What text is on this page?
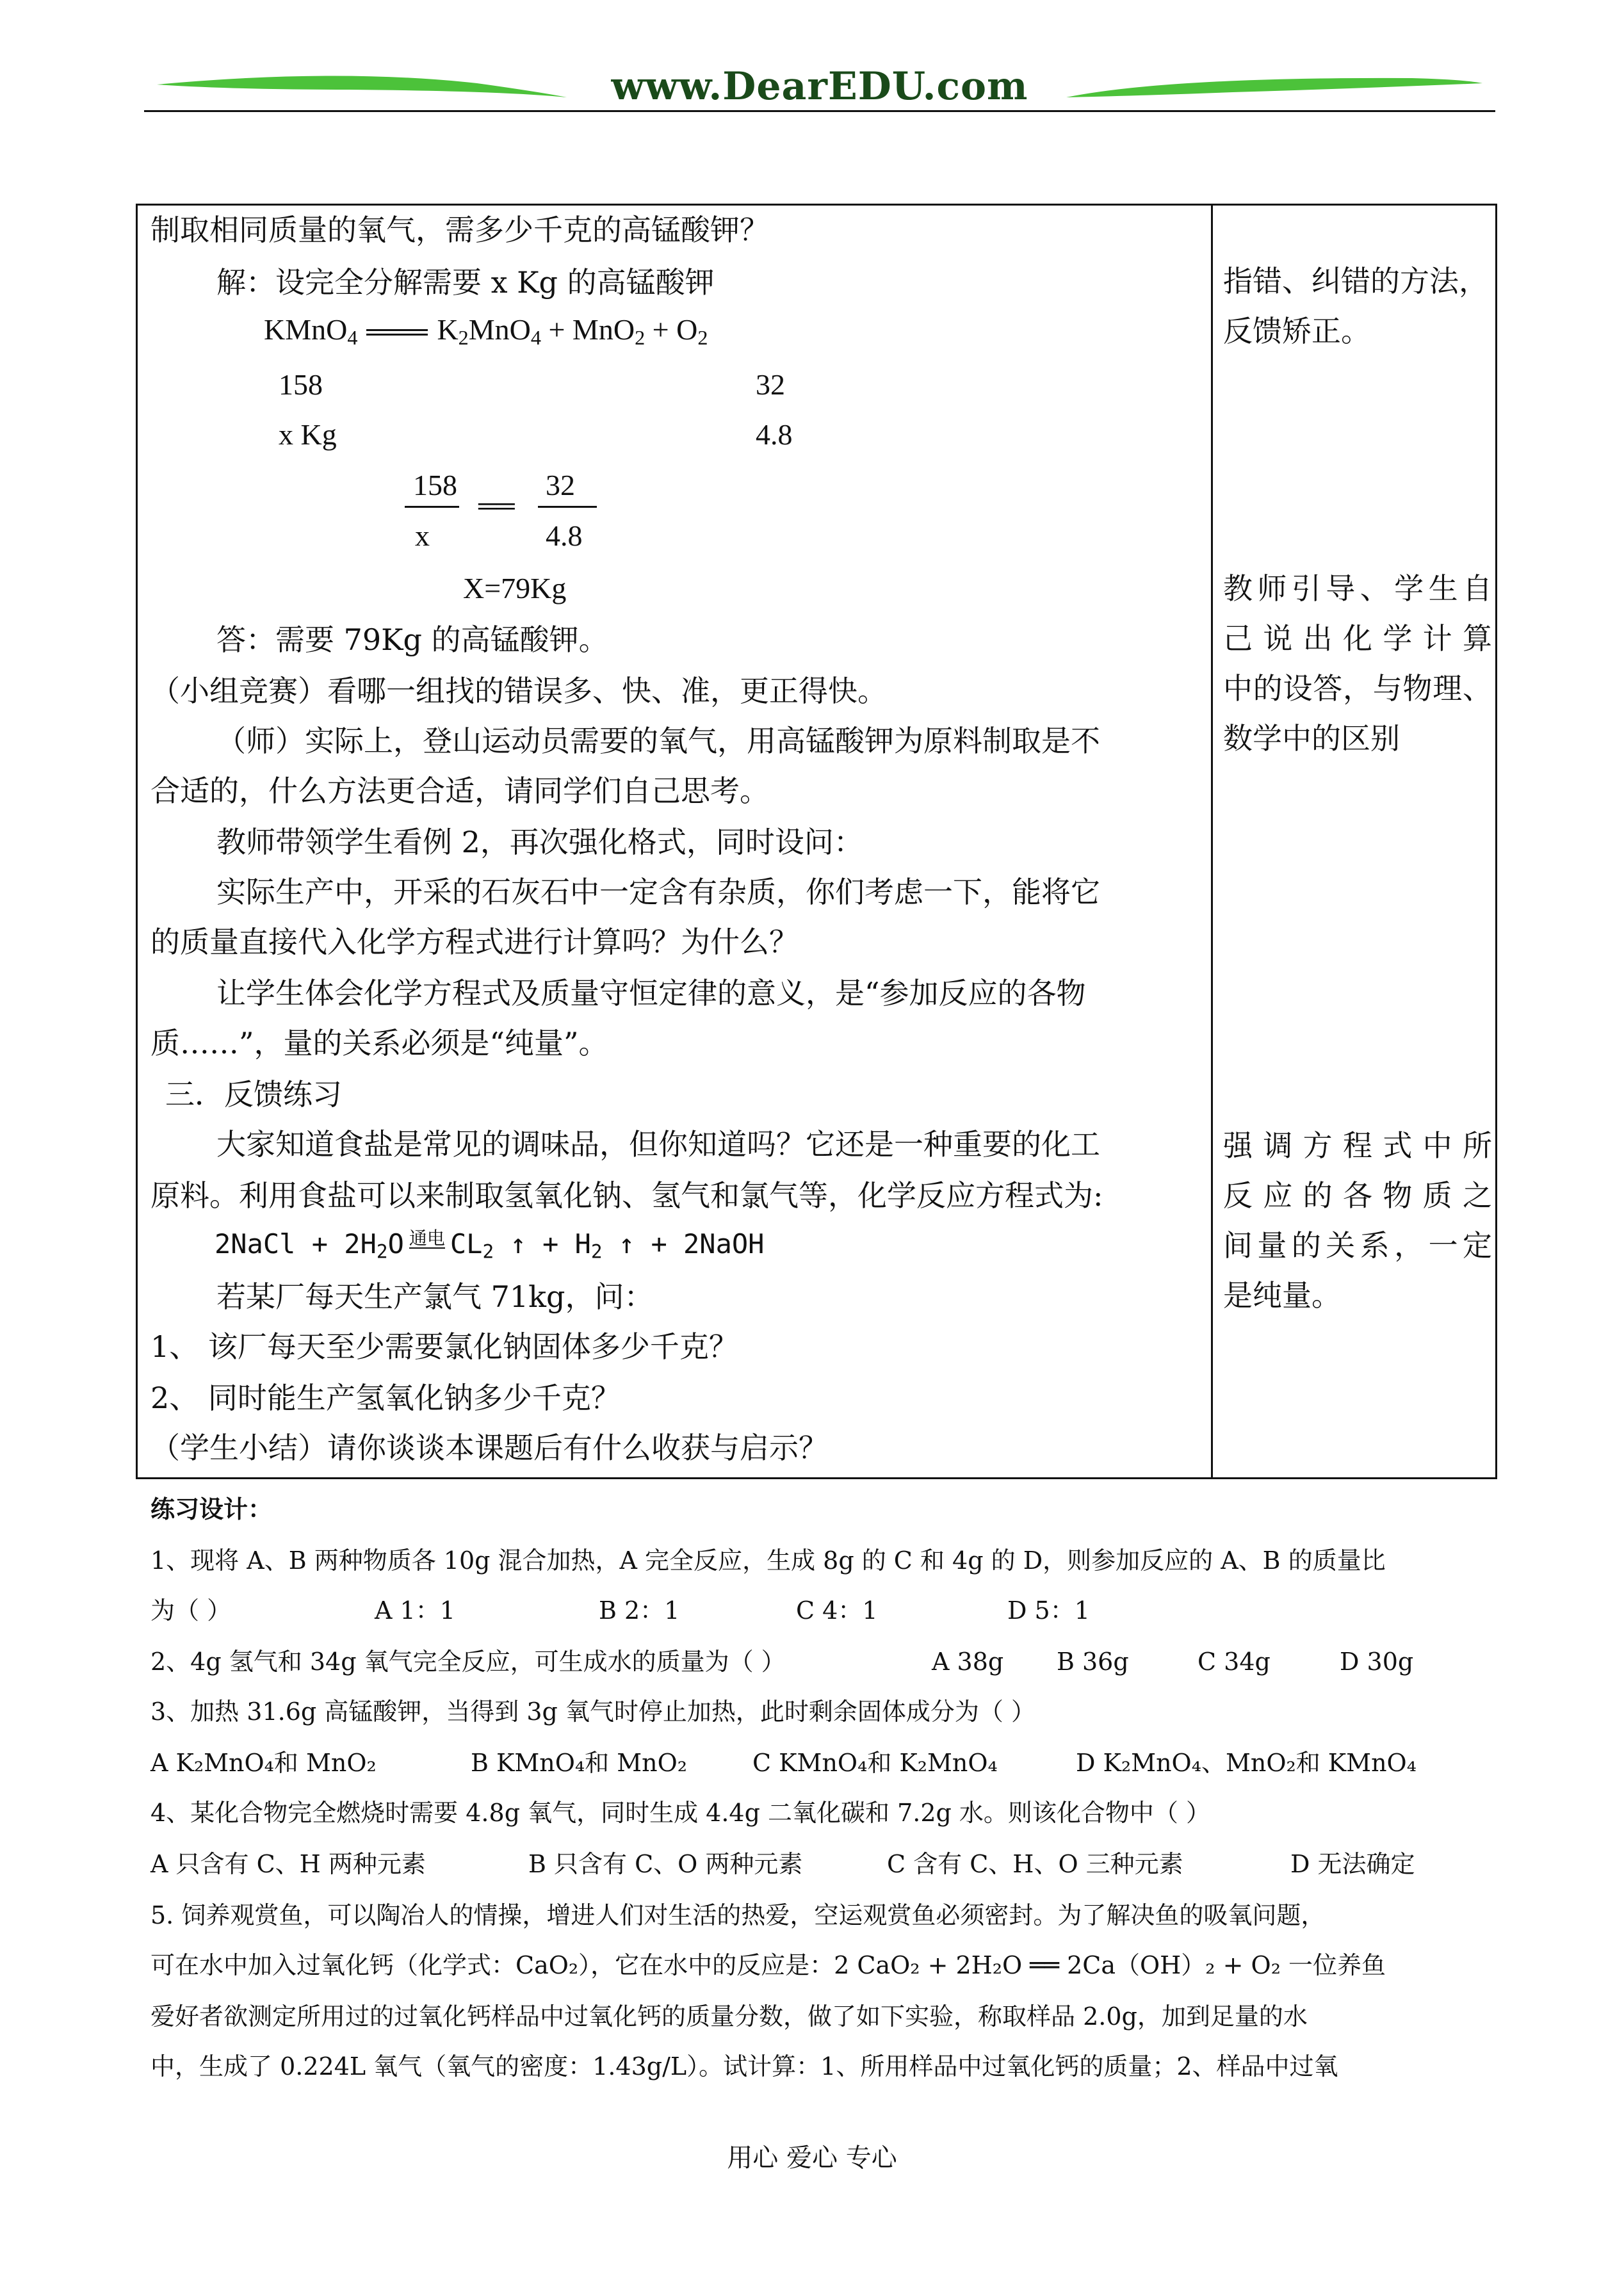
www.DearEDU.com
制取相同质量的氧气，需多少千克的高锰酸钾？
解：设完全分解需要 x Kg 的高锰酸钾
KMnO$_4$	$K_2MnO_4 + MnO_2 + O_2$
158	32
x Kg	4.8
158
x
══
32
4.8
X=79Kg
答：需要 79Kg 的高锰酸钾。
（小组竞赛）看哪一组找的错误多、快、准，更正得快。
（师）实际上，登山运动员需要的氧气，用高锰酸钾为原料制取是不
合适的，什么方法更合适，请同学们自己思考。
教师带领学生看例 2，再次强化格式，同时设问：
实际生产中，开采的石灰石中一定含有杂质，你们考虑一下，能将它
的质量直接代入化学方程式进行计算吗？为什么？
让学生体会化学方程式及质量守恒定律的意义，是“参加反应的各物
质……”，量的关系必须是“纯量”。
三．反馈练习
大家知道食盐是常见的调味品，但你知道吗？它还是一种重要的化工
原料。利用食盐可以来制取氢氧化钠、氢气和氯气等，化学反应方程式为:
2NaCl + $2H_2O$ 通电 $CL_2$ ↑ + $H_2$ ↑ + 2NaOH
若某厂每天生产氯气 71kg，问：
1、 该厂每天至少需要氯化钠固体多少千克？
2、 同时能生产氢氧化钠多少千克？
（学生小结）请你谈谈本课题后有什么收获与启示？
指错、纠错的方法，
反馈矫正。
教师引导、学生自
己说出化学计算
中的设答，与物理、
数学中的区别
强调方程式中所
反应的各物质之
间量的关系，一定
是纯量。
练习设计：
1、现将 A、B 两种物质各 10g 混合加热，A 完全反应，生成 8g 的 C 和 4g 的 D，则参加反应的 A、B 的质量比
为（ ）	A 1：1	B 2：1	C 4：1	D 5：1
2、4g 氢气和 34g 氧气完全反应，可生成水的质量为（ ）	A 38g B 36g	C 34g	D 30g
3、加热 31.6g 高锰酸钾，当得到 3g 氧气时停止加热，此时剩余固体成分为（ ）
A K₂MnO₄和 MnO₂	B KMnO₄和 MnO₂	C KMnO₄和 K₂MnO₄	D K₂MnO₄、MnO₂和 KMnO₄
4、某化合物完全燃烧时需要 4.8g 氧气，同时生成 4.4g 二氧化碳和 7.2g 水。则该化合物中（ ）
A 只含有 C、H 两种元素	B 只含有 C、O 两种元素	C 含有 C、H、O 三种元素	D 无法确定
5. 饲养观赏鱼，可以陶冶人的情操，增进人们对生活的热爱，空运观赏鱼必须密封。为了解决鱼的吸氧问题，
可在水中加入过氧化钙（化学式：CaO₂），它在水中的反应是：2 CaO₂ + 2H₂O ══ 2Ca（OH）₂ + O₂ 一位养鱼
爱好者欲测定所用过的过氧化钙样品中过氧化钙的质量分数，做了如下实验，称取样品 2.0g，加到足量的水
中，生成了 0.224L 氧气（氧气的密度：1.43g/L）。试计算：1、所用样品中过氧化钙的质量；2、样品中过氧
用心 爱心 专心
